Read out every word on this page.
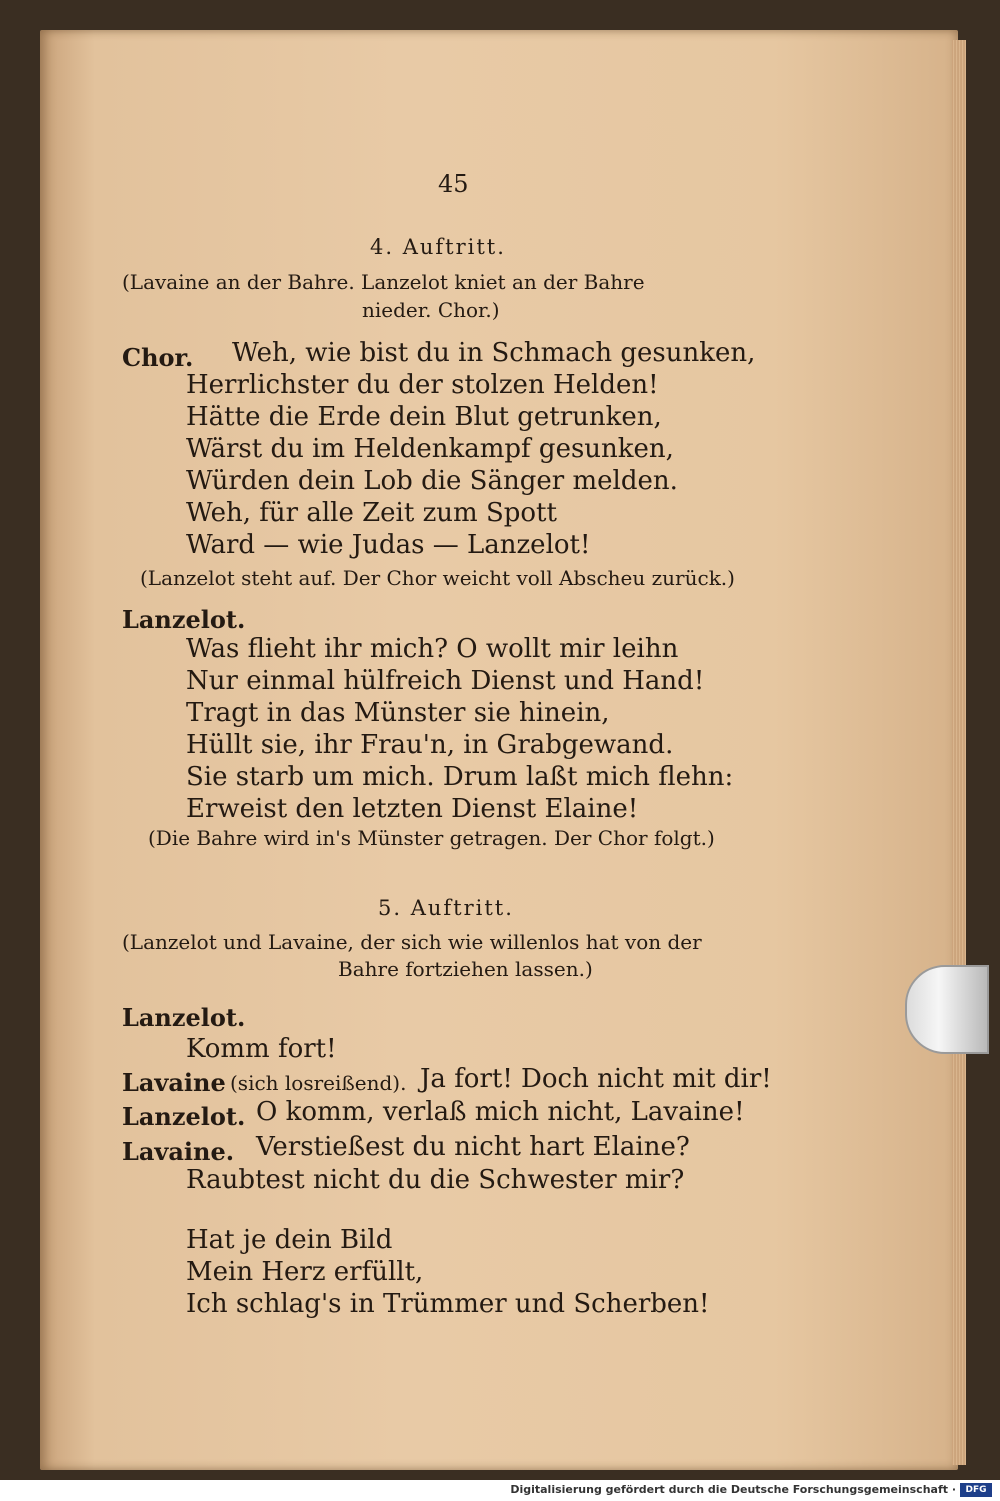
45
4. Auftritt.
(Lavaine an der Bahre. Lanzelot kniet an der Bahre
nieder. Chor.)
Chor. Weh, wie bist du in Schmach gesunken,
Herrlichster du der stolzen Helden!
Hätte die Erde dein Blut getrunken,
Wärst du im Heldenkampf gesunken,
Würden dein Lob die Sänger melden.
Weh, für alle Zeit zum Spott
Ward — wie Judas — Lanzelot!
(Lanzelot steht auf. Der Chor weicht voll Abscheu zurück.)
Lanzelot.
Was flieht ihr mich? O wollt mir leihn
Nur einmal hülfreich Dienst und Hand!
Tragt in das Münster sie hinein,
Hüllt sie, ihr Frau'n, in Grabgewand.
Sie starb um mich. Drum laßt mich flehn:
Erweist den letzten Dienst Elaine!
(Die Bahre wird in's Münster getragen. Der Chor folgt.)
5. Auftritt.
(Lanzelot und Lavaine, der sich wie willenlos hat von der
Bahre fortziehen lassen.)
Lanzelot.
Komm fort!
Lavaine (sich losreißend). Ja fort! Doch nicht mit dir!
Lanzelot. O komm, verlaß mich nicht, Lavaine!
Lavaine. Verstießest du nicht hart Elaine?
Raubtest nicht du die Schwester mir?
Hat je dein Bild
Mein Herz erfüllt,
Ich schlag's in Trümmer und Scherben!
Digitalisierung gefördert durch die Deutsche Forschungsgemeinschaft ·	DFG
